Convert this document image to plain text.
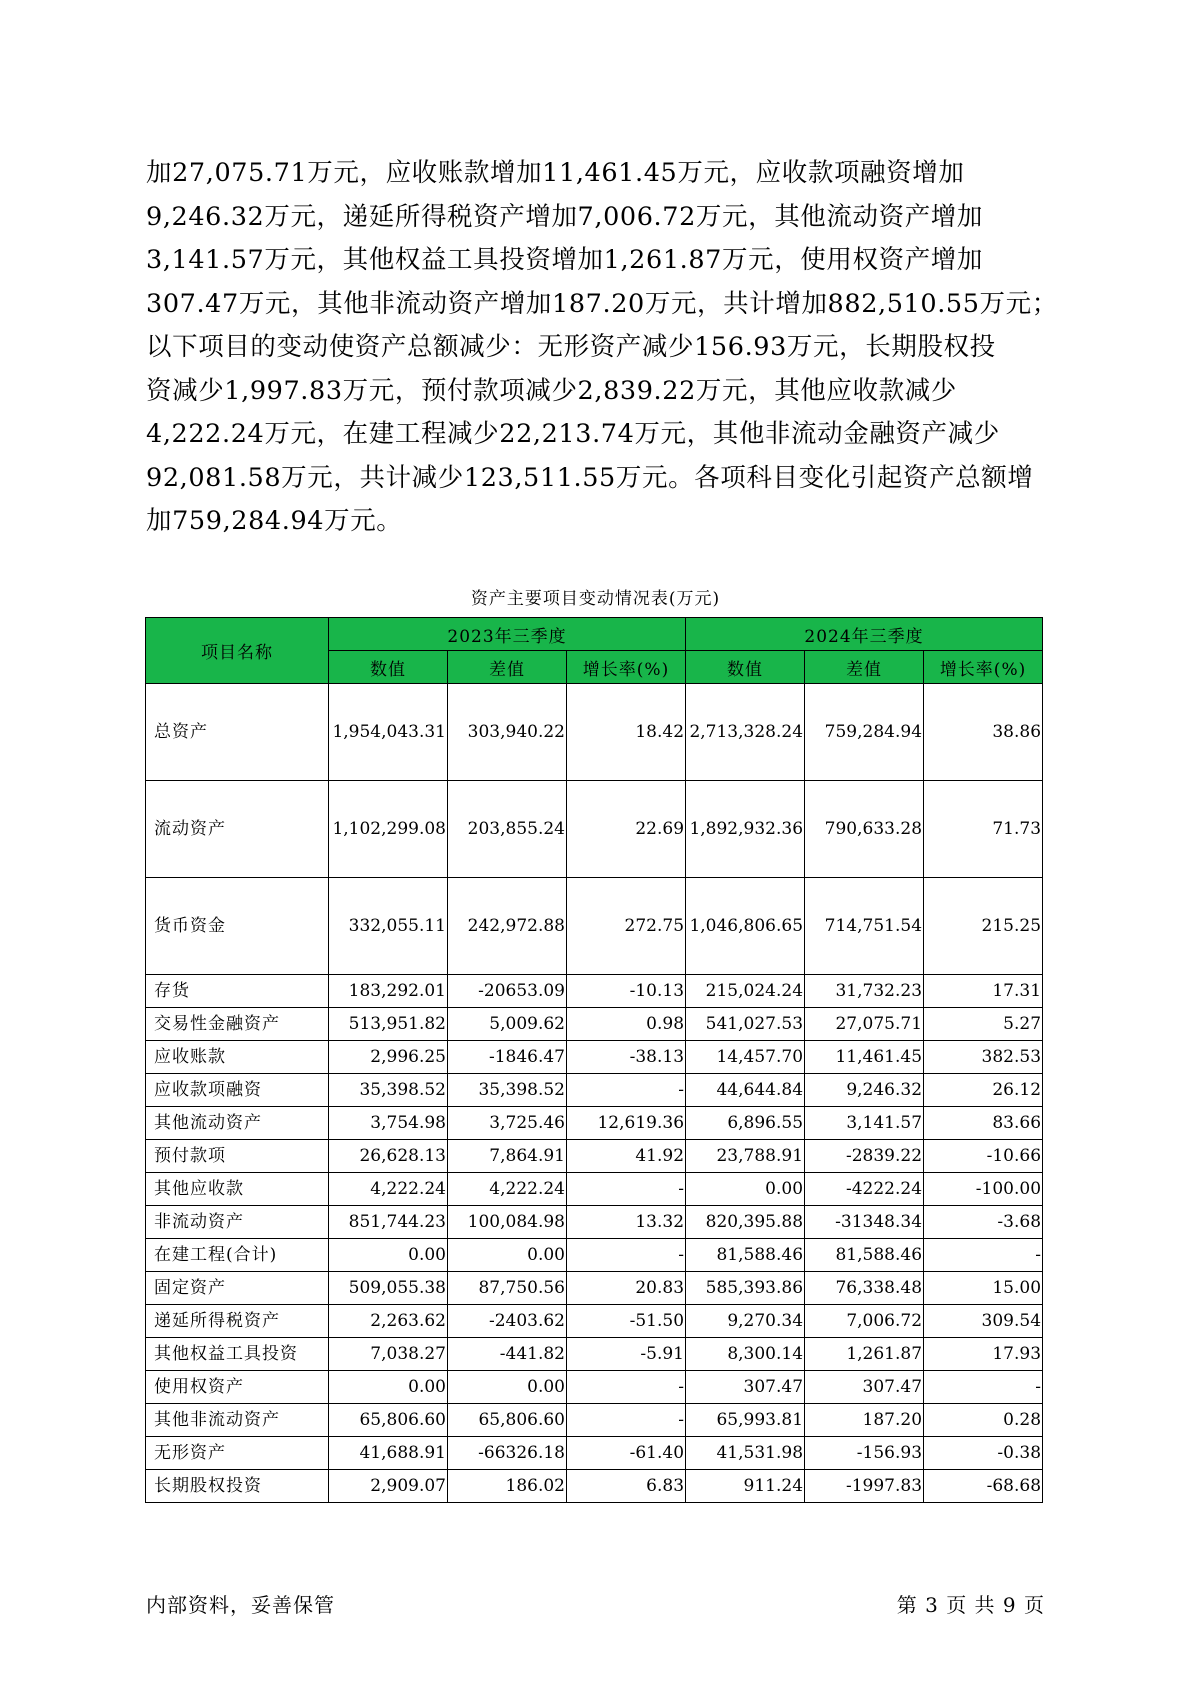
加27,075.71万元，应收账款增加11,461.45万元，应收款项融资增加
9,246.32万元，递延所得税资产增加7,006.72万元，其他流动资产增加
3,141.57万元，其他权益工具投资增加1,261.87万元，使用权资产增加
307.47万元，其他非流动资产增加187.20万元，共计增加882,510.55万元；
以下项目的变动使资产总额减少：无形资产减少156.93万元，长期股权投
资减少1,997.83万元，预付款项减少2,839.22万元，其他应收款减少
4,222.24万元，在建工程减少22,213.74万元，其他非流动金融资产减少
92,081.58万元，共计减少123,511.55万元。各项科目变化引起资产总额增
加759,284.94万元。
资产主要项目变动情况表(万元)
项目名称	2023年三季度			2024年三季度		
	数值	差值	增长率(%)	数值	差值	增长率(%)
总资产	1,954,043.31	303,940.22	18.42	2,713,328.24	759,284.94	38.86
流动资产	1,102,299.08	203,855.24	22.69	1,892,932.36	790,633.28	71.73
货币资金	332,055.11	242,972.88	272.75	1,046,806.65	714,751.54	215.25
存货	183,292.01	-20653.09	-10.13	215,024.24	31,732.23	17.31
交易性金融资产	513,951.82	5,009.62	0.98	541,027.53	27,075.71	5.27
应收账款	2,996.25	-1846.47	-38.13	14,457.70	11,461.45	382.53
应收款项融资	35,398.52	35,398.52	-	44,644.84	9,246.32	26.12
其他流动资产	3,754.98	3,725.46	12,619.36	6,896.55	3,141.57	83.66
预付款项	26,628.13	7,864.91	41.92	23,788.91	-2839.22	-10.66
其他应收款	4,222.24	4,222.24	-	0.00	-4222.24	-100.00
非流动资产	851,744.23	100,084.98	13.32	820,395.88	-31348.34	-3.68
在建工程(合计)	0.00	0.00	-	81,588.46	81,588.46	-
固定资产	509,055.38	87,750.56	20.83	585,393.86	76,338.48	15.00
递延所得税资产	2,263.62	-2403.62	-51.50	9,270.34	7,006.72	309.54
其他权益工具投资	7,038.27	-441.82	-5.91	8,300.14	1,261.87	17.93
使用权资产	0.00	0.00	-	307.47	307.47	-
其他非流动资产	65,806.60	65,806.60	-	65,993.81	187.20	0.28
无形资产	41,688.91	-66326.18	-61.40	41,531.98	-156.93	-0.38
长期股权投资	2,909.07	186.02	6.83	911.24	-1997.83	-68.68
内部资料，妥善保管	第 3 页 共 9 页
